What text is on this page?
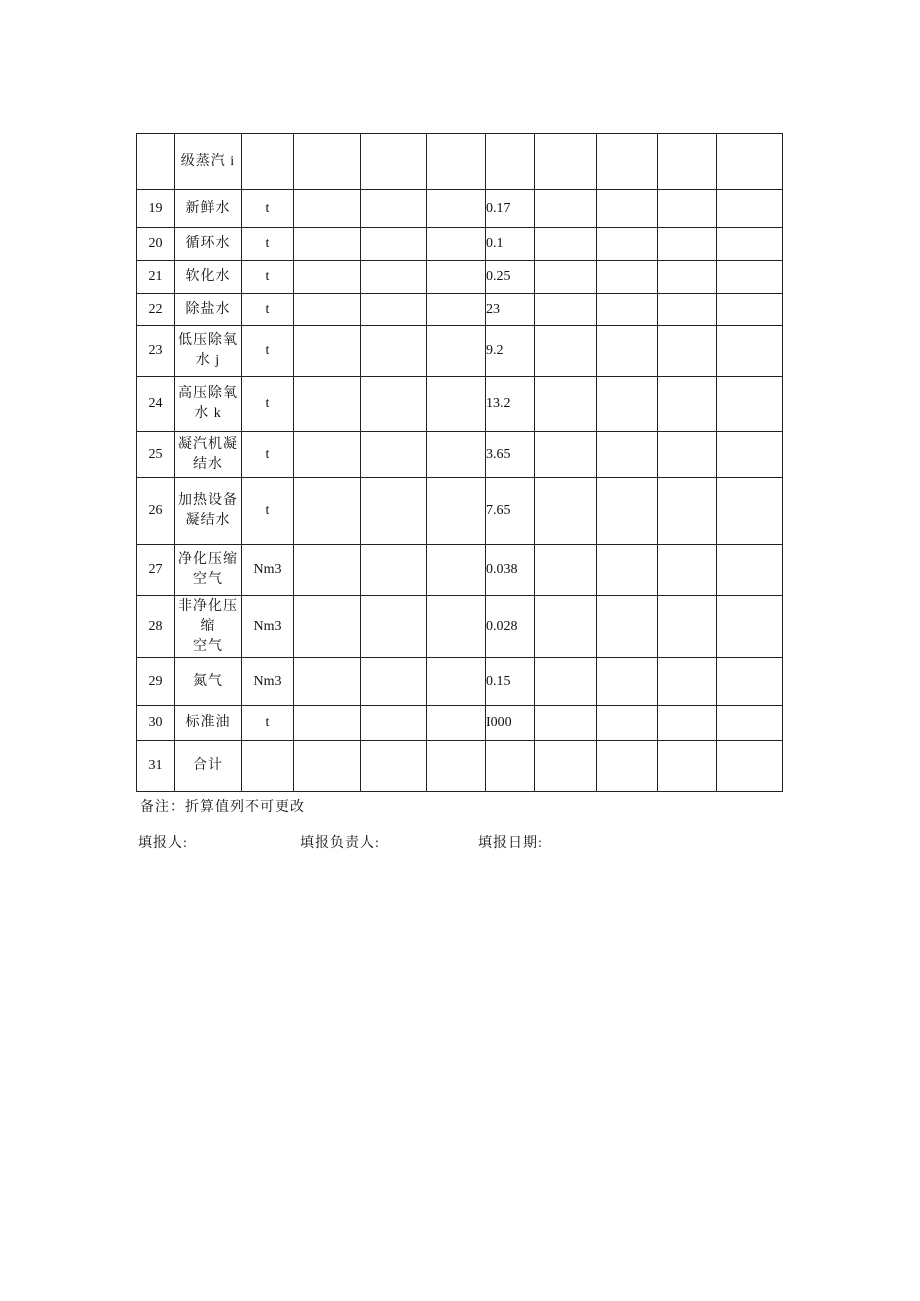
	级蒸汽 i									
19	新鲜水	t				0.17				
20	循环水	t				0.1				
21	软化水	t				0.25				
22	除盐水	t				23				
23	低压除氧
水 j	t				9.2				
24	高压除氧
水 k	t				13.2				
25	凝汽机凝
结水	t				3.65				
26	加热设备
凝结水	t				7.65				
27	净化压缩
空气	Nm3				0.038				
28	非净化压缩
空气	Nm3				0.028				
29	氮气	Nm3				0.15				
30	标准油	t				I000				
31	合计									
备注：折算值列不可更改
填报人:	填报负责人:	填报日期:
